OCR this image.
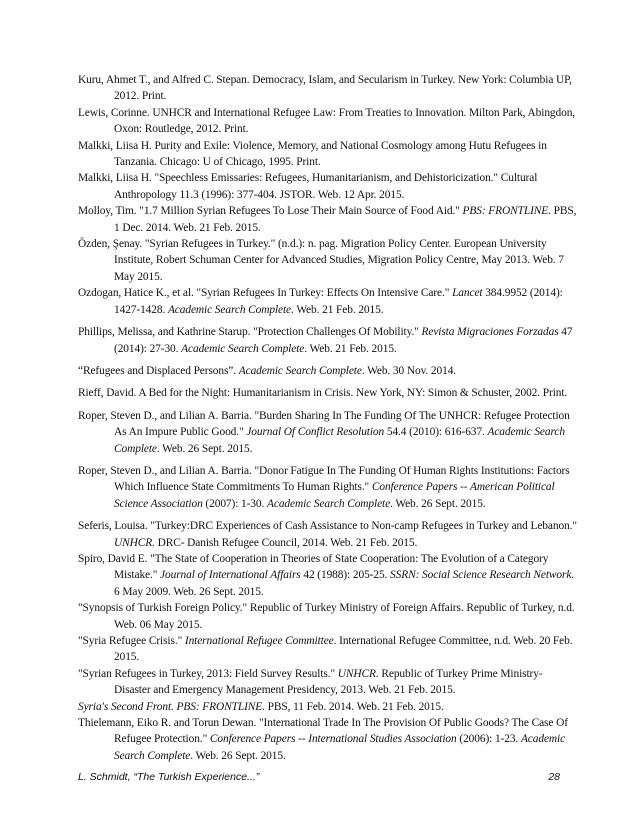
Kuru, Ahmet T., and Alfred C. Stepan. Democracy, Islam, and Secularism in Turkey. New York: Columbia UP, 2012. Print.

Lewis, Corinne. UNHCR and International Refugee Law: From Treaties to Innovation. Milton Park, Abingdon, Oxon: Routledge, 2012. Print.

Malkki, Liisa H. Purity and Exile: Violence, Memory, and National Cosmology among Hutu Refugees in Tanzania. Chicago: U of Chicago, 1995. Print.

Malkki, Liisa H. "Speechless Emissaries: Refugees, Humanitarianism, and Dehistoricization." Cultural Anthropology 11.3 (1996): 377-404. JSTOR. Web. 12 Apr. 2015.

Molloy, Tim. "1.7 Million Syrian Refugees To Lose Their Main Source of Food Aid." PBS: FRONTLINE. PBS, 1 Dec. 2014. Web. 21 Feb. 2015.

Özden, Şenay. "Syrian Refugees in Turkey." (n.d.): n. pag. Migration Policy Center. European University Institute, Robert Schuman Center for Advanced Studies, Migration Policy Centre, May 2013. Web. 7 May 2015.

Ozdogan, Hatice K., et al. "Syrian Refugees In Turkey: Effects On Intensive Care." Lancet 384.9952 (2014): 1427-1428. Academic Search Complete. Web. 21 Feb. 2015.

Phillips, Melissa, and Kathrine Starup. "Protection Challenges Of Mobility." Revista Migraciones Forzadas 47 (2014): 27-30. Academic Search Complete. Web. 21 Feb. 2015.

“Refugees and Displaced Persons”. Academic Search Complete. Web. 30 Nov. 2014.

Rieff, David. A Bed for the Night: Humanitarianism in Crisis. New York, NY: Simon & Schuster, 2002. Print.

Roper, Steven D., and Lilian A. Barria. "Burden Sharing In The Funding Of The UNHCR: Refugee Protection As An Impure Public Good." Journal Of Conflict Resolution 54.4 (2010): 616-637. Academic Search Complete. Web. 26 Sept. 2015.

Roper, Steven D., and Lilian A. Barria. "Donor Fatigue In The Funding Of Human Rights Institutions: Factors Which Influence State Commitments To Human Rights." Conference Papers -- American Political Science Association (2007): 1-30. Academic Search Complete. Web. 26 Sept. 2015.

Seferis, Louisa. "Turkey:DRC Experiences of Cash Assistance to Non-camp Refugees in Turkey and Lebanon." UNHCR. DRC- Danish Refugee Council, 2014. Web. 21 Feb. 2015.

Spiro, David E. "The State of Cooperation in Theories of State Cooperation: The Evolution of a Category Mistake." Journal of International Affairs 42 (1988): 205-25. SSRN: Social Science Research Network. 6 May 2009. Web. 26 Sept. 2015.

"Synopsis of Turkish Foreign Policy." Republic of Turkey Ministry of Foreign Affairs. Republic of Turkey, n.d. Web. 06 May 2015.

"Syria Refugee Crisis." International Refugee Committee. International Refugee Committee, n.d. Web. 20 Feb. 2015.

"Syrian Refugees in Turkey, 2013: Field Survey Results." UNHCR. Republic of Turkey Prime Ministry- Disaster and Emergency Management Presidency, 2013. Web. 21 Feb. 2015.

Syria's Second Front. PBS: FRONTLINE. PBS, 11 Feb. 2014. Web. 21 Feb. 2015.

Thielemann, Eiko R. and Torun Dewan. "International Trade In The Provision Of Public Goods? The Case Of Refugee Protection." Conference Papers -- International Studies Association (2006): 1-23. Academic Search Complete. Web. 26 Sept. 2015.

L. Schmidt, “The Turkish Experience...”	28
